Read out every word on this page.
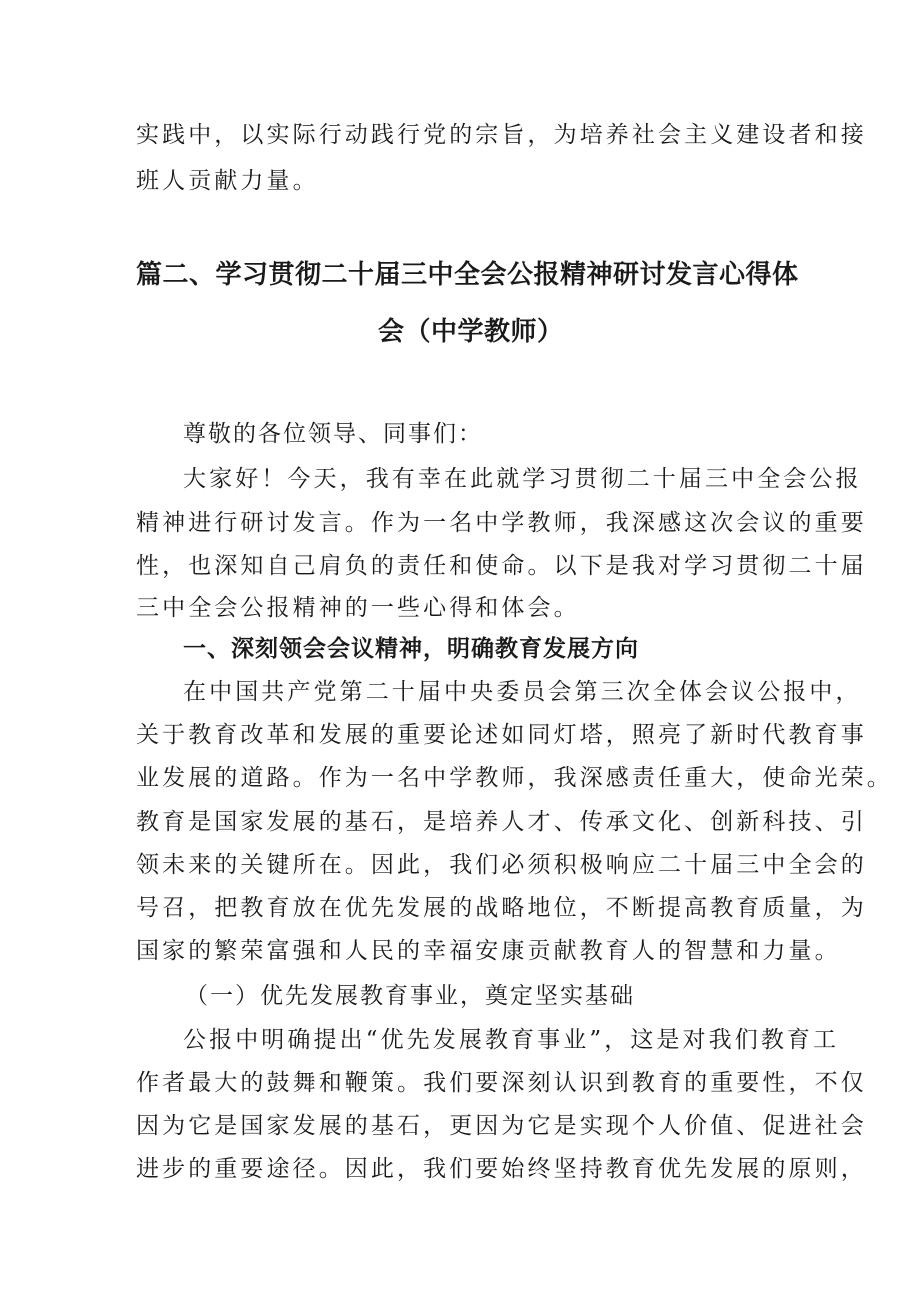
实践中，以实际行动践行党的宗旨，为培养社会主义建设者和接
班人贡献力量。
篇二、学习贯彻二十届三中全会公报精神研讨发言心得体
会（中学教师）
尊敬的各位领导、同事们：
大家好！今天，我有幸在此就学习贯彻二十届三中全会公报
精神进行研讨发言。作为一名中学教师，我深感这次会议的重要
性，也深知自己肩负的责任和使命。以下是我对学习贯彻二十届
三中全会公报精神的一些心得和体会。
一、深刻领会会议精神，明确教育发展方向
在中国共产党第二十届中央委员会第三次全体会议公报中，
关于教育改革和发展的重要论述如同灯塔，照亮了新时代教育事
业发展的道路。作为一名中学教师，我深感责任重大，使命光荣。
教育是国家发展的基石，是培养人才、传承文化、创新科技、引
领未来的关键所在。因此，我们必须积极响应二十届三中全会的
号召，把教育放在优先发展的战略地位，不断提高教育质量，为
国家的繁荣富强和人民的幸福安康贡献教育人的智慧和力量。
（一）优先发展教育事业，奠定坚实基础
公报中明确提出“优先发展教育事业”，这是对我们教育工
作者最大的鼓舞和鞭策。我们要深刻认识到教育的重要性，不仅
因为它是国家发展的基石，更因为它是实现个人价值、促进社会
进步的重要途径。因此，我们要始终坚持教育优先发展的原则，
